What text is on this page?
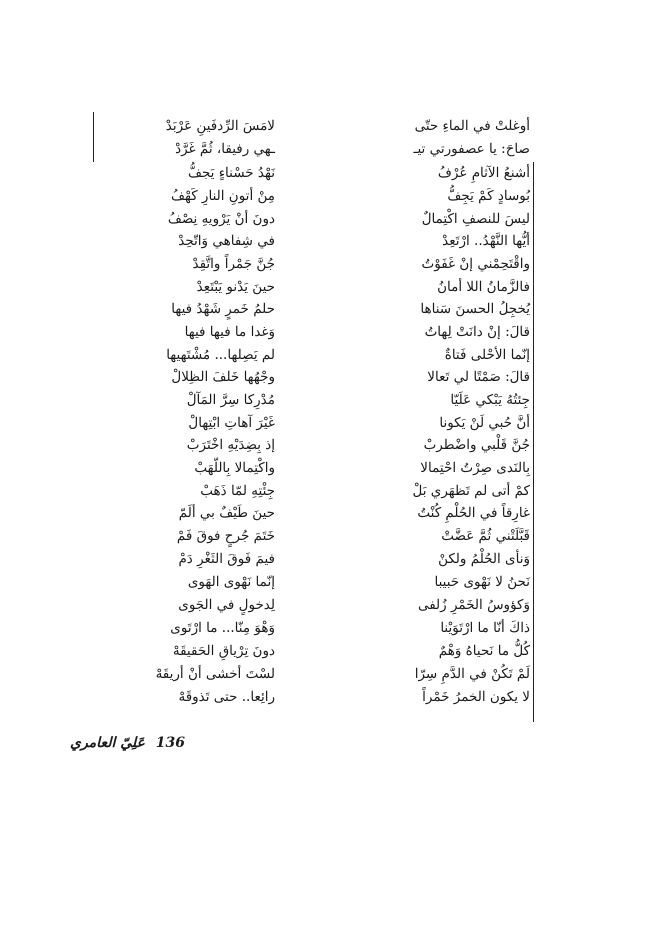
أوغلتْ في الماءِ حتّى
صاحَ: يا عصفورتي تيـ
أشنعُ الآثامِ عُرْفُ
بُوسادٍ كَمْ يَجِفُّ
ليسَ للنصفِ اكْتِمالٌ
أيُّها النَّهْدُ.. ارْتَعِدْ
واقْتَحِمْني إنْ غَفَوْتُ
فالزَّمانُ اللا أمانُ
يُخجِلُ الحسنَ سَناها
قالَ: إنْ دانَتْ لِهاتُ
إنّما الأحْلى فَتاةٌ
قالَ: صَمْتًا لي تَعالا
جِئتُهُ يَبْكي عَلَيّا
أنَّ حُبي لَنْ يَكونا
جُنَّ قَلْبي واضْطربْ
بِالنَدى صِرْتُ احْتِمالا
كمْ أتى لم تَظهَري بَلْ
غارِقاً في الحُلْمِ كُنْتُ
قَبَّلَتْني ثُمَّ عَضَّتْ
وَنأى الحُلْمُ ولكنْ
نَحنُ لا نَهْوى حَبيبا
وَكؤوسُ الخَمْرِ زُلفى
ذاكَ أنّا ما ارْتَوَيْنا
كُلُّ ما نَحياهُ وَهْمٌ
لَمْ تَكُنْ في الدَّمِ سِرّا
لا يكون الخمرُ خَمْراً
لامَسَ الرِّدفَينِ عَرْبَدْ
ـهي رفيقا، ثُمَّ غَرَّدْ
نَهْدُ حَسْناءٍ يَجفُّ
مِنْ أتونِ النارِ كَهْفُ
دونَ أنْ يَرْويهِ نِصْفُ
في شِفاهي وَاتّحِدْ
جُنَّ جَمْراً واتَّقِدْ
حينَ يَدْنو يَبْتَعِدْ
حلمُ خَمرٍ شَهْدُ فيها
وَغدا ما فيها فيها
لم يَصِلها... مُشْتَهيها
وجْهُها خَلفَ الظِلالْ
مُدْرِكا سِرَّ المَآلْ
غَيْرَ آهاتِ ابْتِهالْ
إذ بِضِدَيْهِ اخْتَرَبْ
واكْتِمالا بِاللّهَبْ
جِئْتِهِ لمّا ذَهَبْ
حينَ طَيْفٌ بي ألَمّ
خَتَمَ جُرحٍ فوقَ فَمْ
فيمَ فَوقَ الثَغْرِ دَمْ
إنّما نَهْوى الهَوى
لِدخولٍ في الجَوى
وَهْوَ مِنّا... ما ارْتَوى
دونَ تِرْياقِ الحَقيقَهْ
لسْتَ أخشى أنْ أريقَهْ
رائِعا.. حتى تَذوقَهْ
136 عَلِيّ العامري
